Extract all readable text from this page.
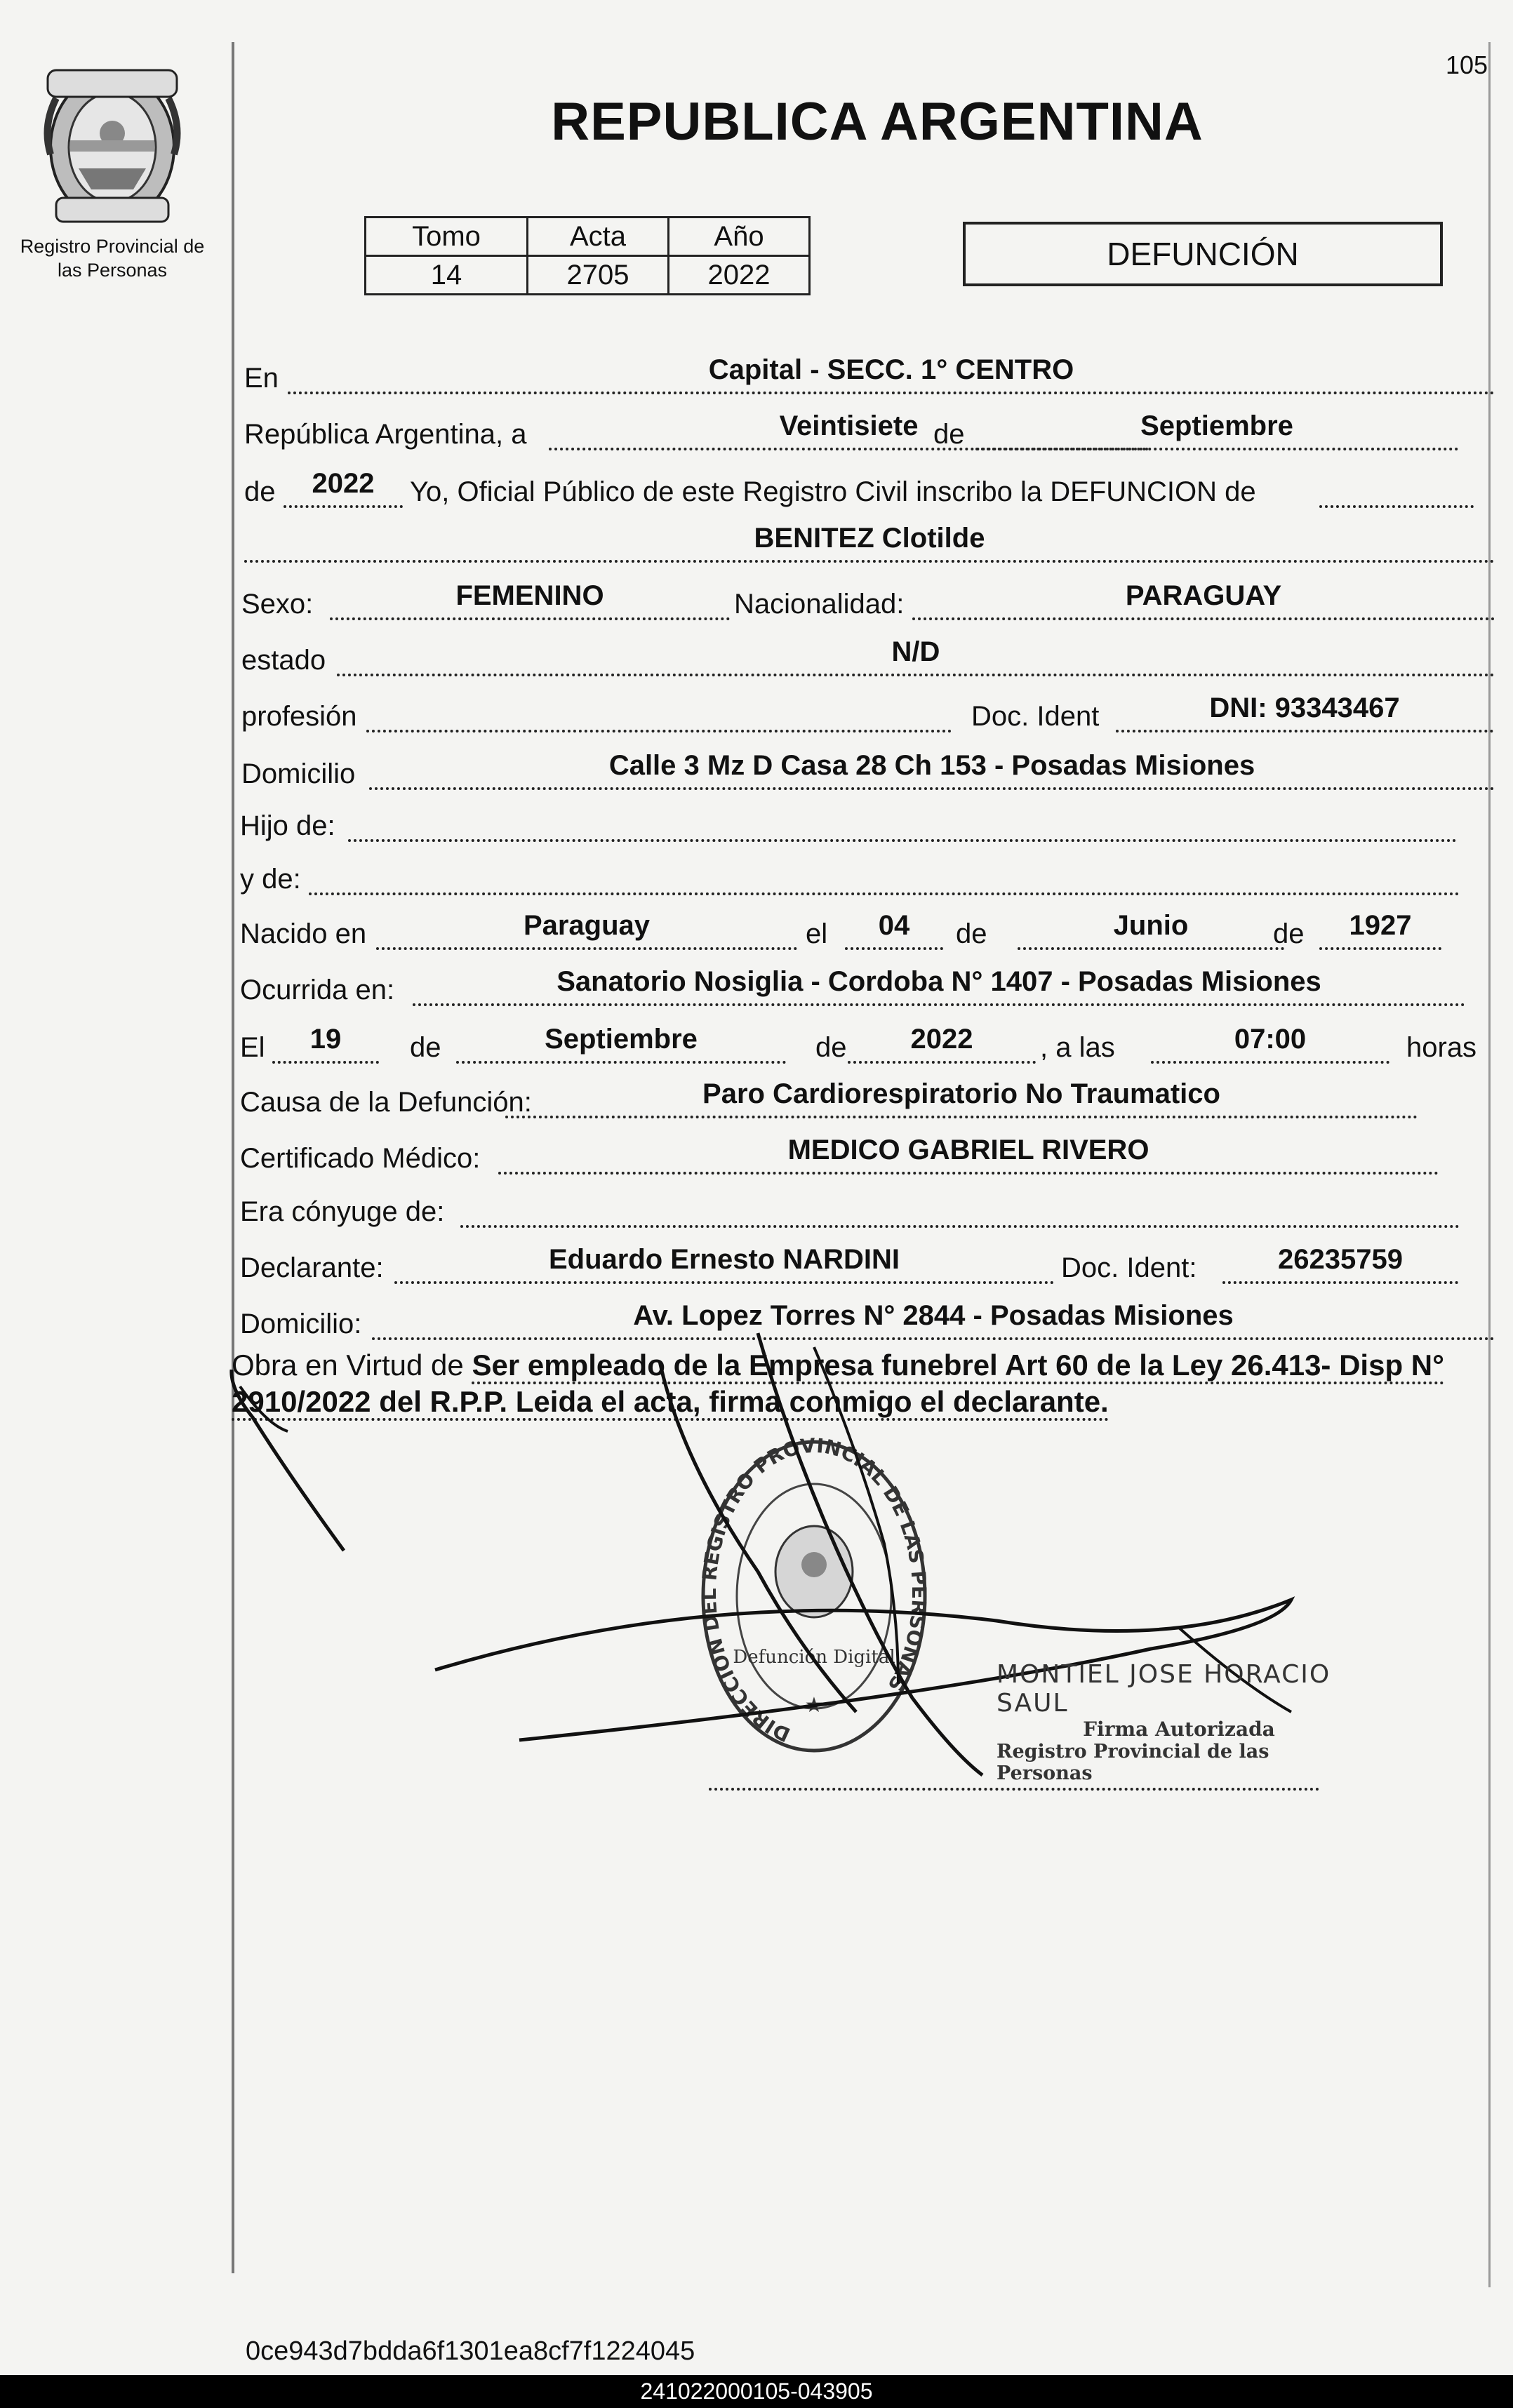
105
Registro Provincial de
las Personas
REPUBLICA ARGENTINA
Tomo	Acta	Año
14	2705	2022
DEFUNCIÓN
En	Capital - SECC. 1° CENTRO
República Argentina, a	Veintisiete de	Septiembre
de	2022	Yo, Oficial Público de este Registro Civil inscribo la DEFUNCION de
BENITEZ Clotilde
Sexo:	FEMENINO	Nacionalidad:	PARAGUAY
estado	N/D
profesión	Doc. Ident	DNI: 93343467
Domicilio	Calle 3 Mz D Casa 28 Ch 153 - Posadas Misiones
Hijo de:
y de:
Nacido en	Paraguay	el	04	de	Junio	de	1927
Ocurrida en:	Sanatorio Nosiglia - Cordoba N° 1407 - Posadas Misiones
El	19	de	Septiembre	de	2022	, a las	07:00	horas
Causa de la Defunción:	Paro Cardiorespiratorio No Traumatico
Certificado Médico:	MEDICO GABRIEL RIVERO
Era cónyuge de:
Declarante:	Eduardo Ernesto NARDINI	Doc. Ident:	26235759
Domicilio:	Av. Lopez Torres N° 2844 - Posadas Misiones
Obra en Virtud de Ser empleado de la Empresa funebrel Art 60 de la Ley 26.413- Disp N° 2910/2022 del R.P.P. Leida el acta, firma conmigo el declarante.
DIRECCION DEL REGISTRO PROVINCIAL DE LAS PERSONAS
Defunción Digital
★
MONTIEL JOSE HORACIO SAUL
Firma Autorizada
Registro Provincial de las Personas
0ce943d7bdda6f1301ea8cf7f1224045
241022000105-043905
